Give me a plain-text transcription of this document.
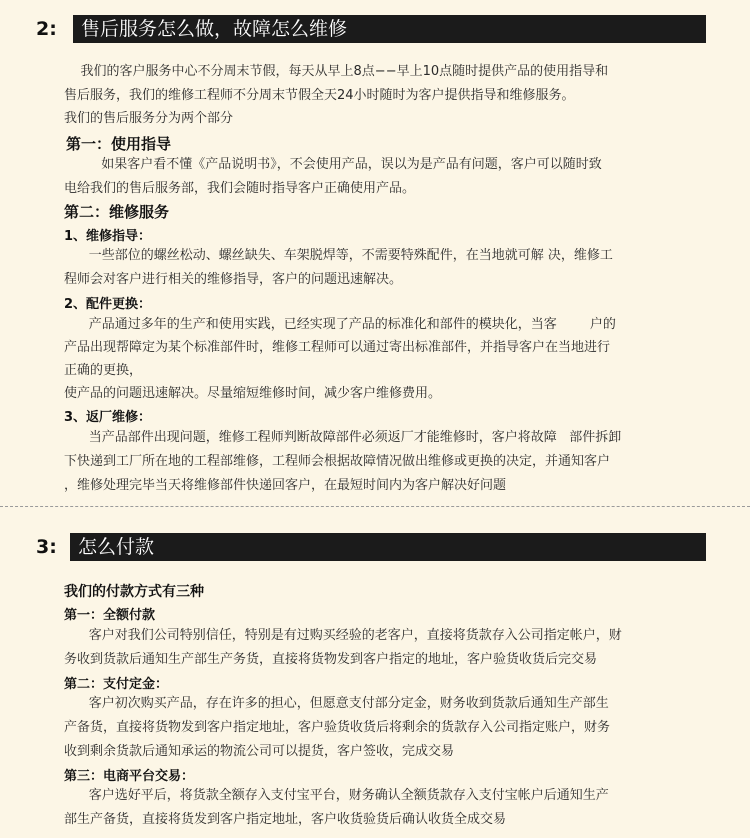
2:	售后服务怎么做，故障怎么维修
我们的客户服务中心不分周末节假，每天从早上8点−−早上10点随时提供产品的使用指导和
售后服务，我们的维修工程师不分周末节假全天24小时随时为客户提供指导和维修服务。
我们的售后服务分为两个部分
第一：使用指导
如果客户看不懂《产品说明书》，不会使用产品，误以为是产品有问题，客户可以随时致
电给我们的售后服务部，我们会随时指导客户正确使用产品。
第二：维修服务
1、维修指导：
一些部位的螺丝松动、螺丝缺失、车架脱焊等，不需要特殊配件，在当地就可解 决，维修工
程师会对客户进行相关的维修指导，客户的问题迅速解决。
2、配件更换：
产品通过多年的生产和使用实践，已经实现了产品的标准化和部件的模块化，当客        户的
产品出现帮障定为某个标准部件时，维修工程师可以通过寄出标准部件，并指导客户在当地进行
正确的更换，
使产品的问题迅速解决。尽量缩短维修时间，减少客户维修费用。
3、返厂维修：
当产品部件出现问题，维修工程师判断故障部件必须返厂才能维修时，客户将故障   部件拆卸
下快递到工厂所在地的工程部维修，工程师会根据故障情况做出维修或更换的决定，并通知客户
，维修处理完毕当天将维修部件快递回客户，在最短时间内为客户解决好问题
3:	怎么付款
我们的付款方式有三种
第一：全额付款
客户对我们公司特别信任，特别是有过购买经验的老客户，直接将货款存入公司指定帐户，财
务收到货款后通知生产部生产务货，直接将货物发到客户指定的地址，客户验货收货后完交易
第二：支付定金：
客户初次购买产品，存在许多的担心，但愿意支付部分定金，财务收到货款后通知生产部生
产备货，直接将货物发到客户指定地址，客户验货收货后将剩余的货款存入公司指定账户，财务
收到剩余货款后通知承运的物流公司可以提货，客户签收，完成交易
第三：电商平台交易：
客户选好平后，将货款全额存入支付宝平台，财务确认全额货款存入支付宝帐户后通知生产
部生产备货，直接将货发到客户指定地址，客户收货验货后确认收货全成交易
